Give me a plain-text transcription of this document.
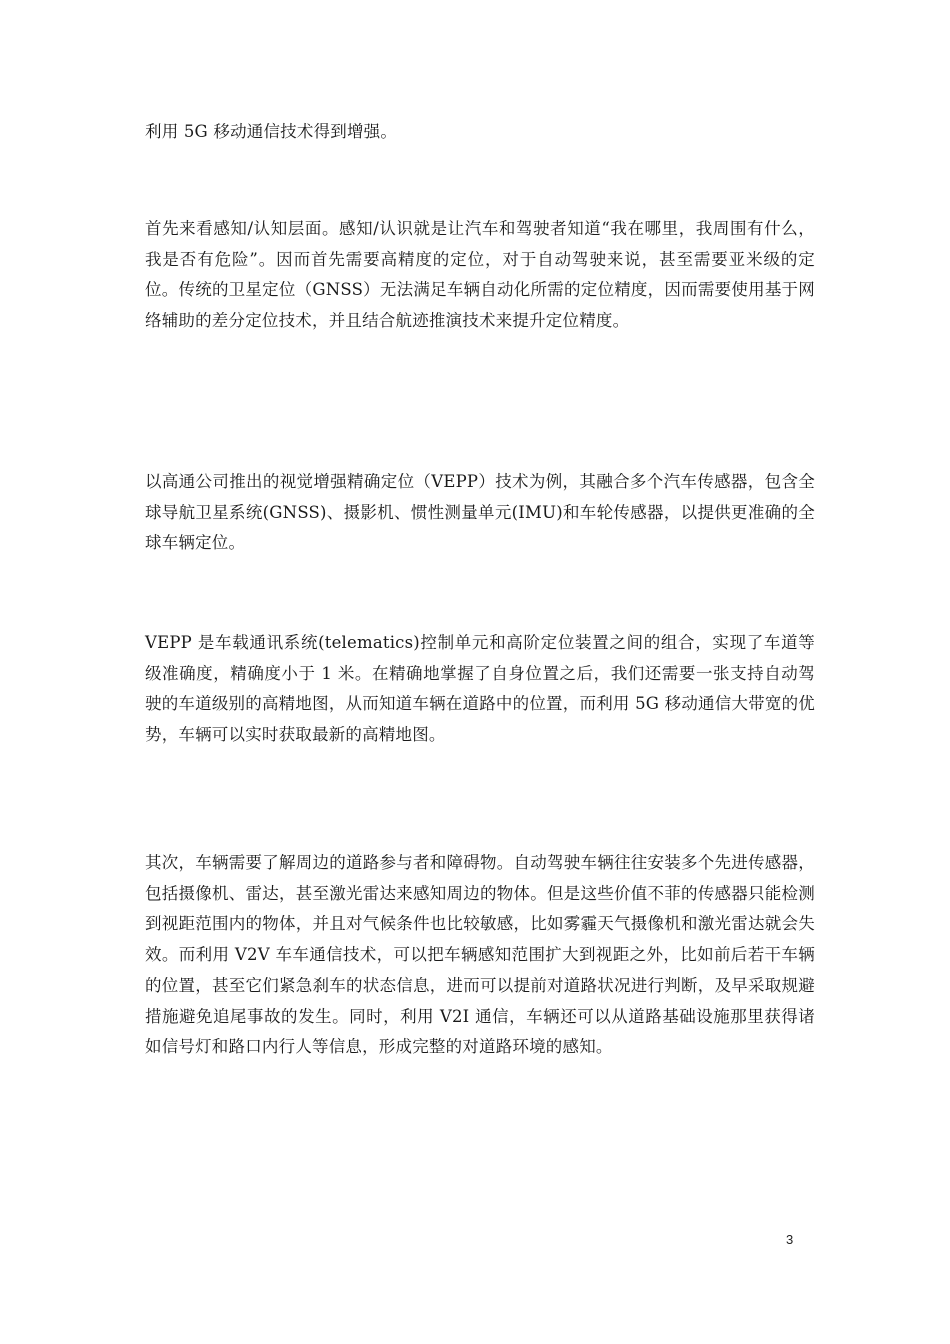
利用 5G 移动通信技术得到增强。

首先来看感知/认知层面。感知/认识就是让汽车和驾驶者知道“我在哪里，我周围有什么，我是否有危险”。因而首先需要高精度的定位，对于自动驾驶来说，甚至需要亚米级的定位。传统的卫星定位（GNSS）无法满足车辆自动化所需的定位精度，因而需要使用基于网络辅助的差分定位技术，并且结合航迹推演技术来提升定位精度。

以高通公司推出的视觉增强精确定位（VEPP）技术为例，其融合多个汽车传感器，包含全球导航卫星系统(GNSS)、摄影机、惯性测量单元(IMU)和车轮传感器，以提供更准确的全球车辆定位。

VEPP 是车载通讯系统(telematics)控制单元和高阶定位装置之间的组合，实现了车道等级准确度，精确度小于 1 米。在精确地掌握了自身位置之后，我们还需要一张支持自动驾驶的车道级别的高精地图，从而知道车辆在道路中的位置，而利用 5G 移动通信大带宽的优势，车辆可以实时获取最新的高精地图。

其次，车辆需要了解周边的道路参与者和障碍物。自动驾驶车辆往往安装多个先进传感器，包括摄像机、雷达，甚至激光雷达来感知周边的物体。但是这些价值不菲的传感器只能检测到视距范围内的物体，并且对气候条件也比较敏感，比如雾霾天气摄像机和激光雷达就会失效。而利用 V2V 车车通信技术，可以把车辆感知范围扩大到视距之外，比如前后若干车辆的位置，甚至它们紧急刹车的状态信息，进而可以提前对道路状况进行判断，及早采取规避措施避免追尾事故的发生。同时，利用 V2I 通信，车辆还可以从道路基础设施那里获得诸如信号灯和路口内行人等信息，形成完整的对道路环境的感知。

3
